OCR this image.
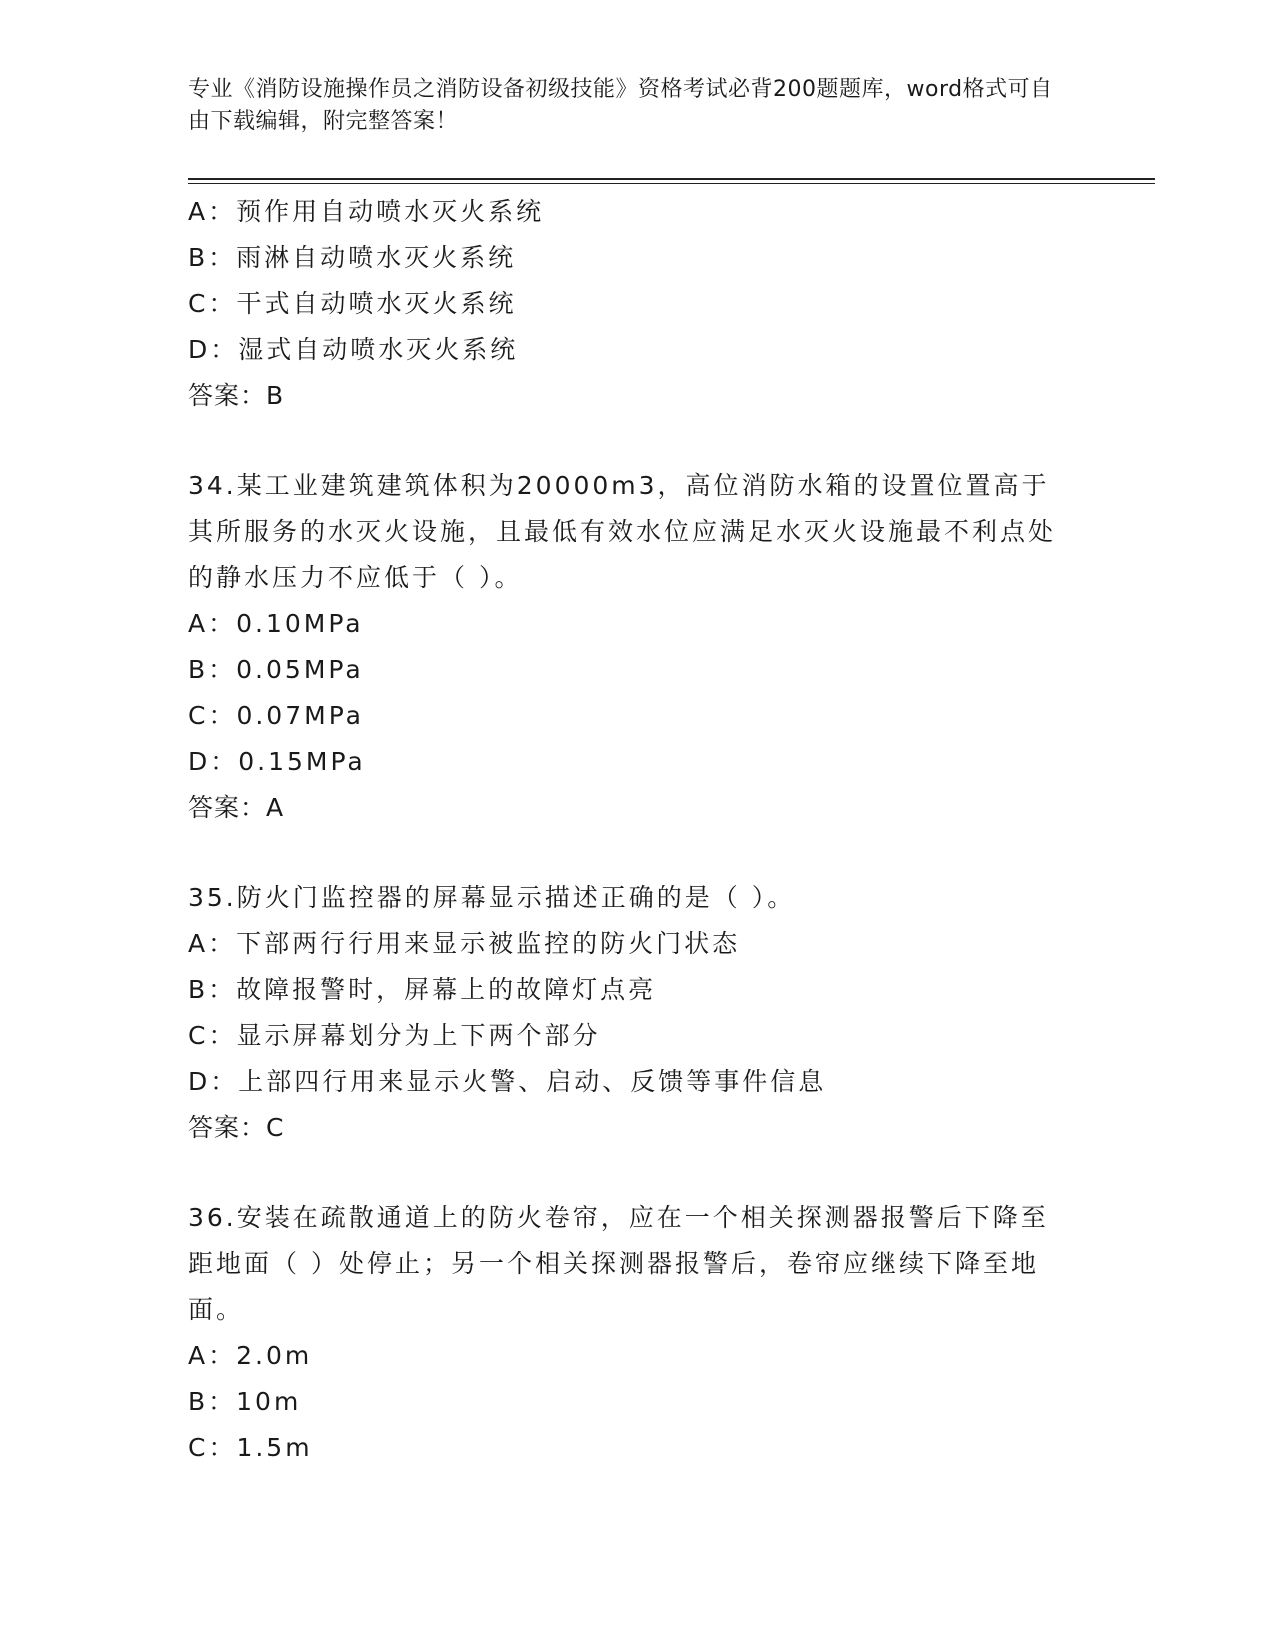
专业《消防设施操作员之消防设备初级技能》资格考试必背200题题库，word格式可自由下载编辑，附完整答案！
A：预作用自动喷水灭火系统
B：雨淋自动喷水灭火系统
C：干式自动喷水灭火系统
D：湿式自动喷水灭火系统
答案：B
34.某工业建筑建筑体积为20000m3，高位消防水箱的设置位置高于其所服务的水灭火设施，且最低有效水位应满足水灭火设施最不利点处的静水压力不应低于（ ）。
A：0.10MPa
B：0.05MPa
C：0.07MPa
D：0.15MPa
答案：A
35.防火门监控器的屏幕显示描述正确的是（ ）。
A：下部两行行用来显示被监控的防火门状态
B：故障报警时，屏幕上的故障灯点亮
C：显示屏幕划分为上下两个部分
D：上部四行用来显示火警、启动、反馈等事件信息
答案：C
36.安装在疏散通道上的防火卷帘，应在一个相关探测器报警后下降至距地面（ ）处停止；另一个相关探测器报警后，卷帘应继续下降至地面。
A：2.0m
B：10m
C：1.5m
